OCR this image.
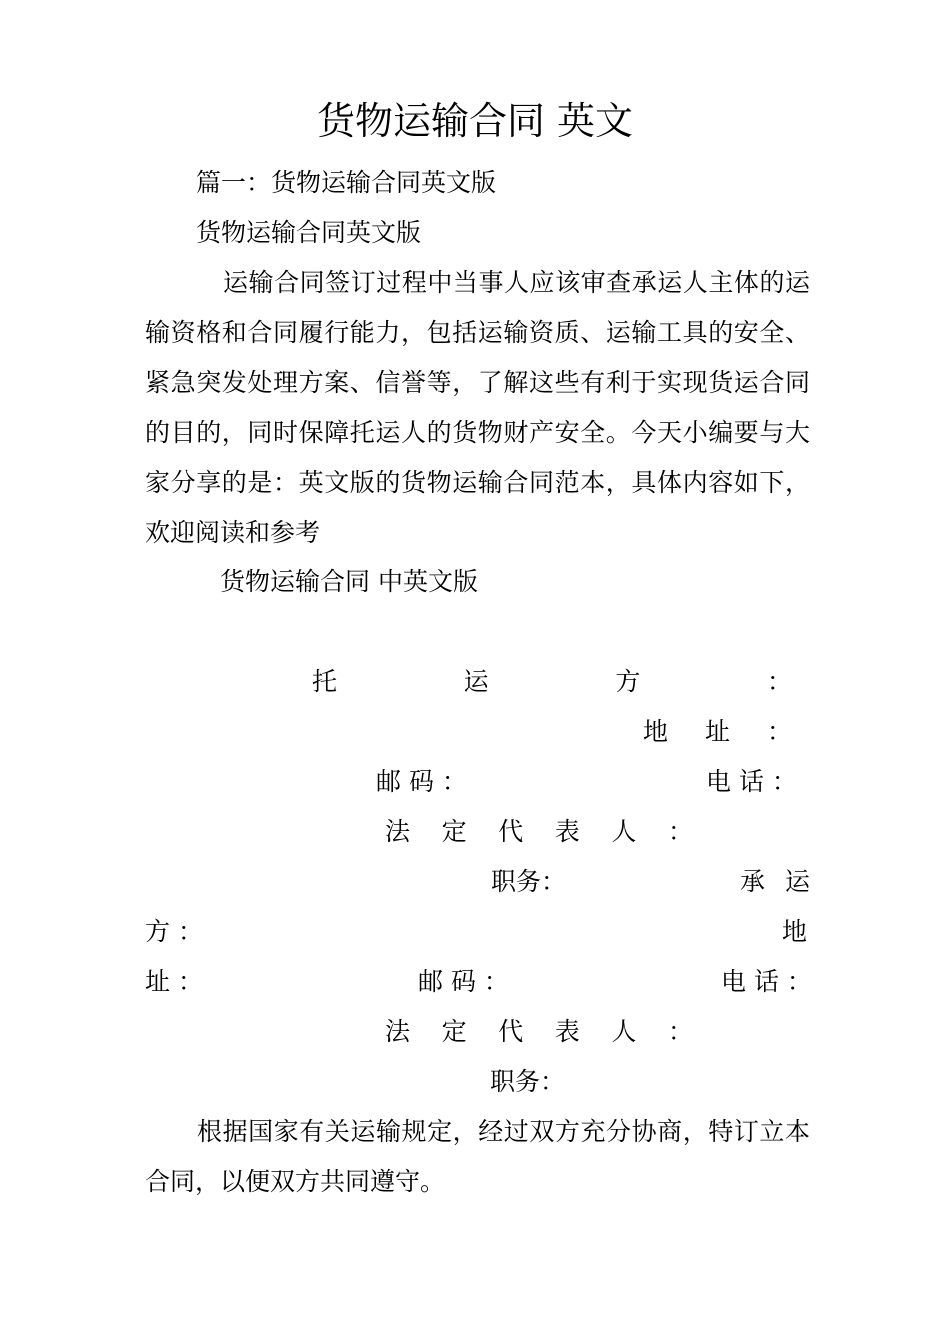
货物运输合同 英文
篇一：货物运输合同英文版
货物运输合同英文版
运输合同签订过程中当事人应该审查承运人主体的运输资格和合同履行能力，包括运输资质、运输工具的安全、紧急突发处理方案、信誉等，了解这些有利于实现货运合同的目的，同时保障托运人的货物财产安全。今天小编要与大家分享的是：英文版的货物运输合同范本，具体内容如下，欢迎阅读和参考
货物运输合同 中英文版
托	运	方	：
地 址 ：
邮 码 ：	电 话 ：
法 定 代 表 人 ：
职务：	承 运
方 ：	地
址 ：	邮 码 ：	电 话 ：
法 定 代 表 人 ：
职务：
根据国家有关运输规定，经过双方充分协商，特订立本合同，以便双方共同遵守。
